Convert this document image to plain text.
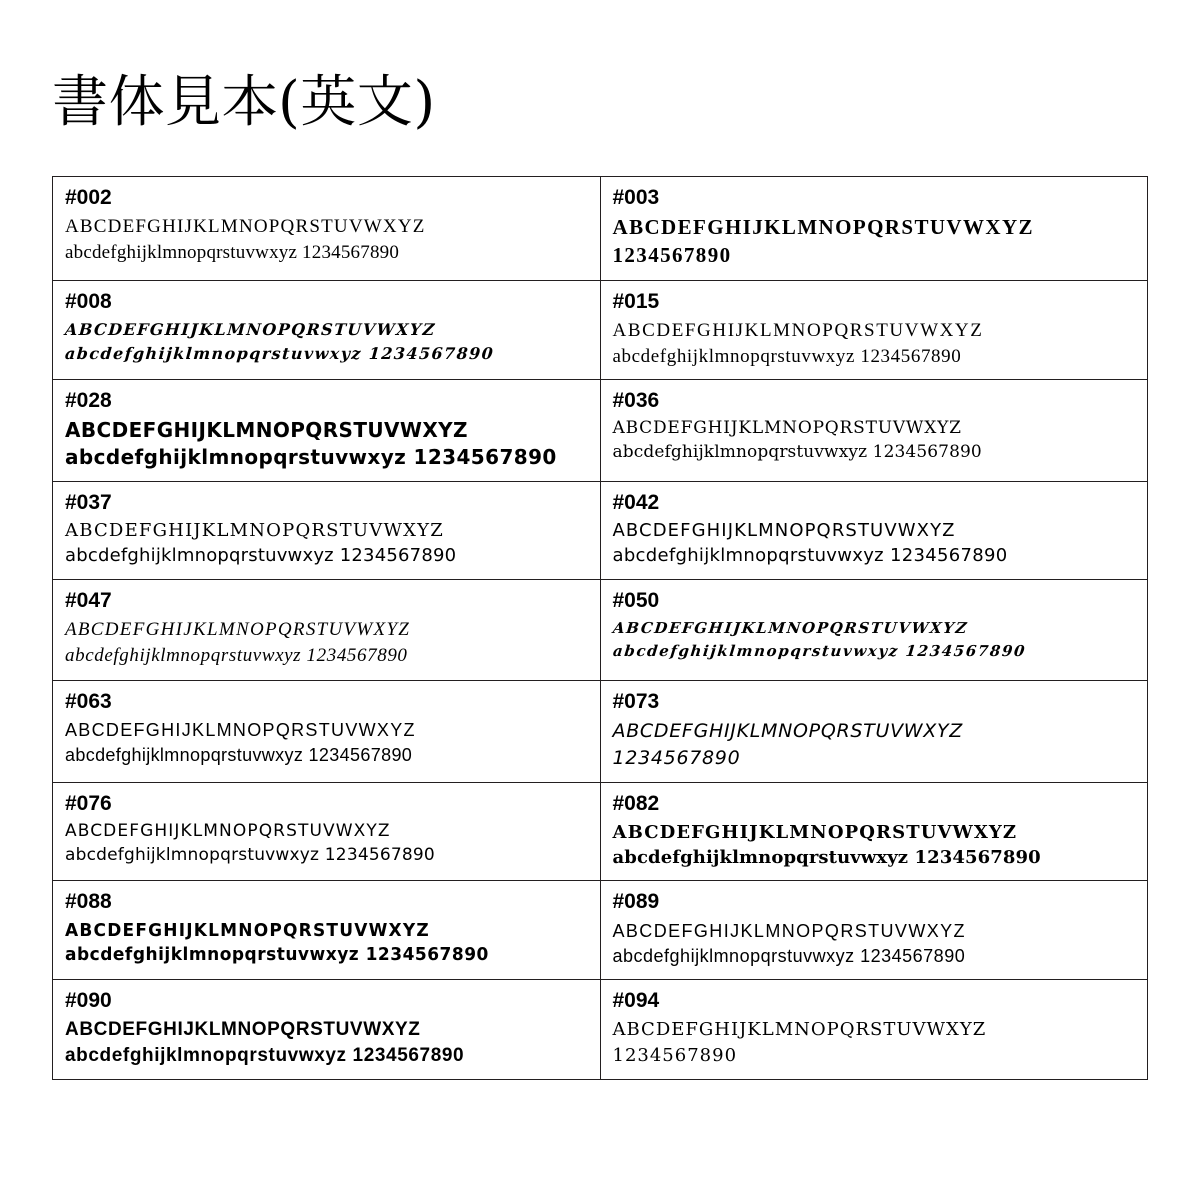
書体見本(英文)
#002
ABCDEFGHIJKLMNOPQRSTUVWXYZ
abcdefghijklmnopqrstuvwxyz 1234567890

#003
ABCDEFGHIJKLMNOPQRSTUVWXYZ
1234567890

#008
ABCDEFGHIJKLMNOPQRSTUVWXYZ
abcdefghijklmnopqrstuvwxyz 1234567890

#015
ABCDEFGHIJKLMNOPQRSTUVWXYZ
abcdefghijklmnopqrstuvwxyz 1234567890

#028
ABCDEFGHIJKLMNOPQRSTUVWXYZ
abcdefghijklmnopqrstuvwxyz 1234567890

#036
ABCDEFGHIJKLMNOPQRSTUVWXYZ
abcdefghijklmnopqrstuvwxyz 1234567890

#037
ABCDEFGHIJKLMNOPQRSTUVWXYZ
abcdefghijklmnopqrstuvwxyz 1234567890

#042
ABCDEFGHIJKLMNOPQRSTUVWXYZ
abcdefghijklmnopqrstuvwxyz 1234567890

#047
ABCDEFGHIJKLMNOPQRSTUVWXYZ
abcdefghijklmnopqrstuvwxyz 1234567890

#050
ABCDEFGHIJKLMNOPQRSTUVWXYZ
abcdefghijklmnopqrstuvwxyz 1234567890

#063
ABCDEFGHIJKLMNOPQRSTUVWXYZ
abcdefghijklmnopqrstuvwxyz 1234567890

#073
ABCDEFGHIJKLMNOPQRSTUVWXYZ
1234567890

#076
ABCDEFGHIJKLMNOPQRSTUVWXYZ
abcdefghijklmnopqrstuvwxyz 1234567890

#082
ABCDEFGHIJKLMNOPQRSTUVWXYZ
abcdefghijklmnopqrstuvwxyz 1234567890

#088
ABCDEFGHIJKLMNOPQRSTUVWXYZ
abcdefghijklmnopqrstuvwxyz 1234567890

#089
ABCDEFGHIJKLMNOPQRSTUVWXYZ
abcdefghijklmnopqrstuvwxyz 1234567890

#090
ABCDEFGHIJKLMNOPQRSTUVWXYZ
abcdefghijklmnopqrstuvwxyz 1234567890

#094
ABCDEFGHIJKLMNOPQRSTUVWXYZ
1234567890
